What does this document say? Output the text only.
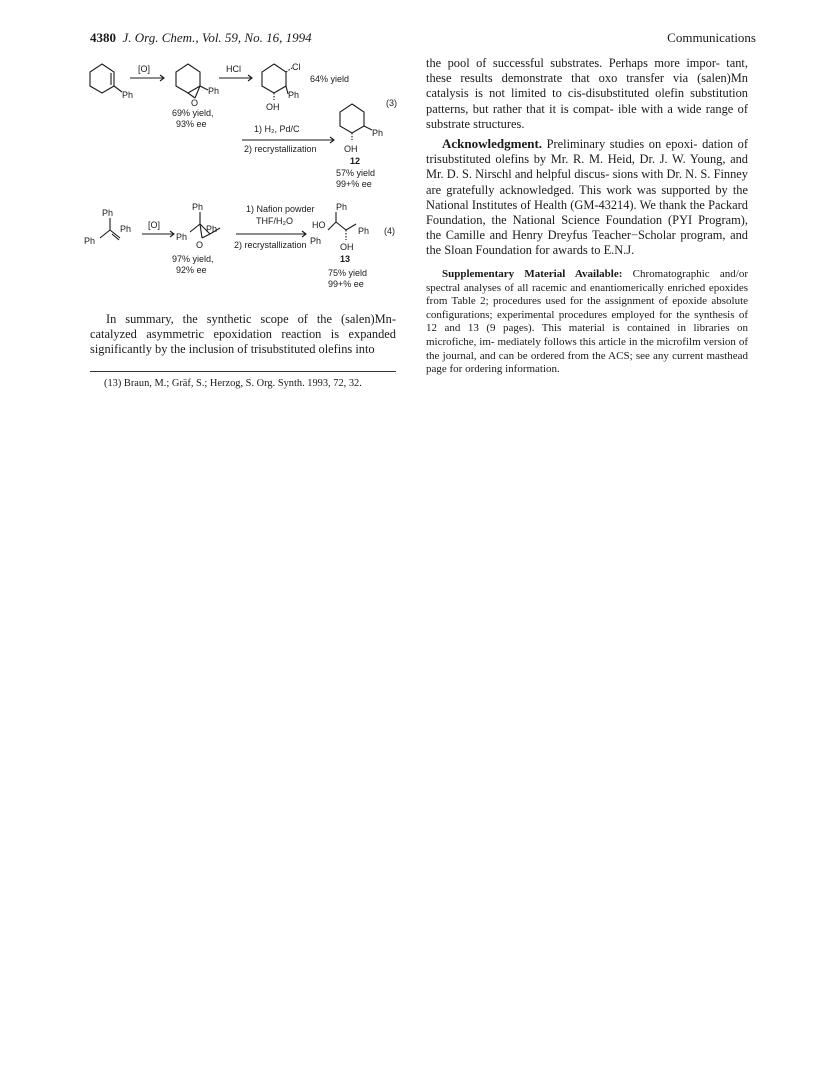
4380 J. Org. Chem., Vol. 59, No. 16, 1994	Communications
Ph
[O]
Ph
O
HCl	Cl
64% yield
Ph
OH
69% yield,
93% ee
(3)
1) H₂, Pd/C
2) recrystallization
Ph
OH
12
57% yield
99+% ee
Ph
Ph
Ph
[O]
Ph
Ph
Ph
O
1) Nafion powder
THF/H₂O
2) recrystallization
Ph
HO
Ph (4)
Ph
OH
13
97% yield,
92% ee	75% yield
99+% ee
In summary, the synthetic scope of the (salen)Mn- catalyzed asymmetric epoxidation reaction is expanded significantly by the inclusion of trisubstituted olefins into
(13) Braun, M.; Gräf, S.; Herzog, S. Org. Synth. 1993, 72, 32.
the pool of successful substrates. Perhaps more impor- tant, these results demonstrate that oxo transfer via (salen)Mn catalysis is not limited to cis-disubstituted olefin substitution patterns, but rather that it is compat- ible with a wide range of substrate structures.
Acknowledgment. Preliminary studies on epoxi- dation of trisubstituted olefins by Mr. R. M. Heid, Dr. J. W. Young, and Mr. D. S. Nirschl and helpful discus- sions with Dr. N. S. Finney are gratefully acknowledged. This work was supported by the National Institutes of Health (GM-43214). We thank the Packard Foundation, the National Science Foundation (PYI Program), the Camille and Henry Dreyfus Teacher−Scholar program, and the Sloan Foundation for awards to E.N.J.
Supplementary Material Available: Chromatographic and/or spectral analyses of all racemic and enantiomerically enriched epoxides from Table 2; procedures used for the assignment of epoxide absolute configurations; experimental procedures employed for the synthesis of 12 and 13 (9 pages). This material is contained in libraries on microfiche, im- mediately follows this article in the microfilm version of the journal, and can be ordered from the ACS; see any current masthead page for ordering information.
